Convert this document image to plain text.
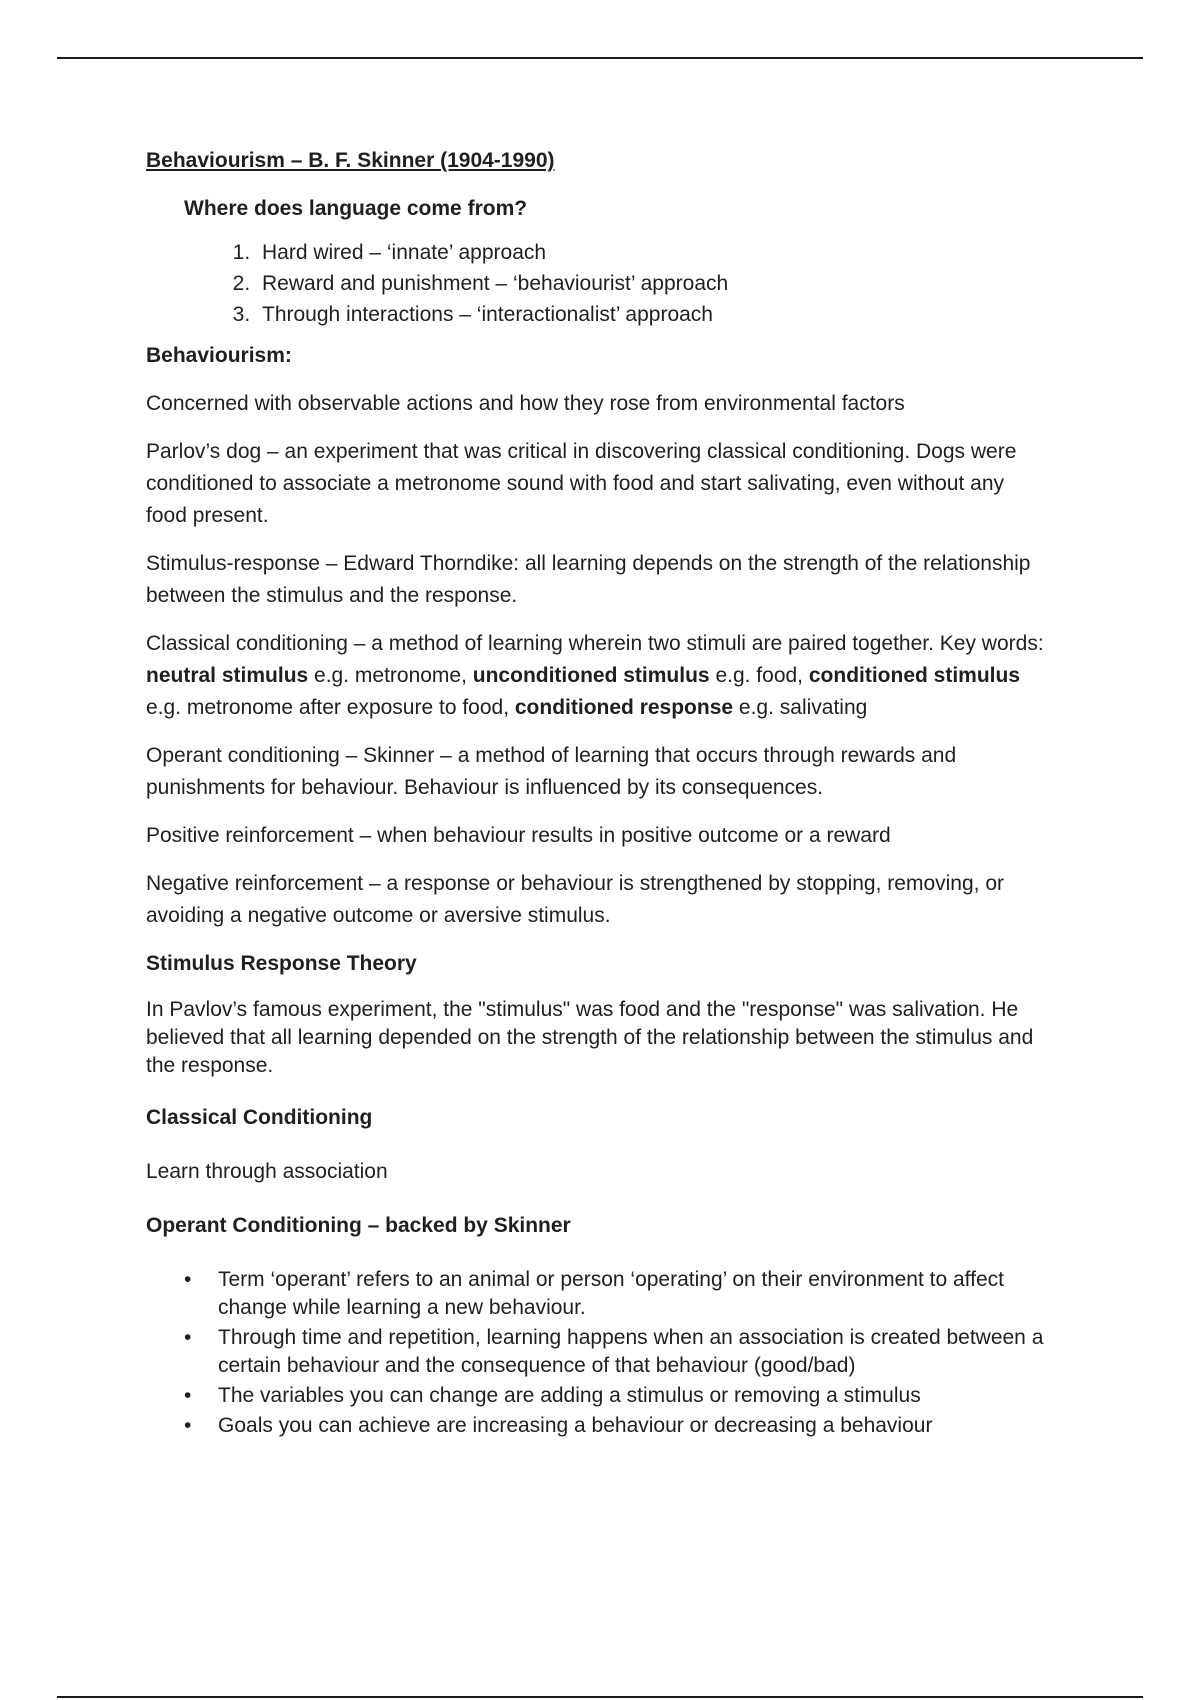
Behaviourism – B. F. Skinner (1904-1990)
Where does language come from?
1. Hard wired – ‘innate’ approach
2. Reward and punishment – ‘behaviourist’ approach
3. Through interactions – ‘interactionalist’ approach
Behaviourism:

Concerned with observable actions and how they rose from environmental factors

Parlov’s dog – an experiment that was critical in discovering classical conditioning. Dogs were conditioned to associate a metronome sound with food and start salivating, even without any food present.

Stimulus-response – Edward Thorndike: all learning depends on the strength of the relationship between the stimulus and the response.

Classical conditioning – a method of learning wherein two stimuli are paired together. Key words: neutral stimulus e.g. metronome, unconditioned stimulus e.g. food, conditioned stimulus e.g. metronome after exposure to food, conditioned response e.g. salivating

Operant conditioning – Skinner – a method of learning that occurs through rewards and punishments for behaviour. Behaviour is influenced by its consequences.

Positive reinforcement – when behaviour results in positive outcome or a reward

Negative reinforcement – a response or behaviour is strengthened by stopping, removing, or avoiding a negative outcome or aversive stimulus.

Stimulus Response Theory

In Pavlov’s famous experiment, the "stimulus" was food and the "response" was salivation. He believed that all learning depended on the strength of the relationship between the stimulus and the response.

Classical Conditioning

Learn through association

Operant Conditioning – backed by Skinner
• Term ‘operant’ refers to an animal or person ‘operating’ on their environment to affect change while learning a new behaviour.
• Through time and repetition, learning happens when an association is created between a certain behaviour and the consequence of that behaviour (good/bad)
• The variables you can change are adding a stimulus or removing a stimulus
• Goals you can achieve are increasing a behaviour or decreasing a behaviour
